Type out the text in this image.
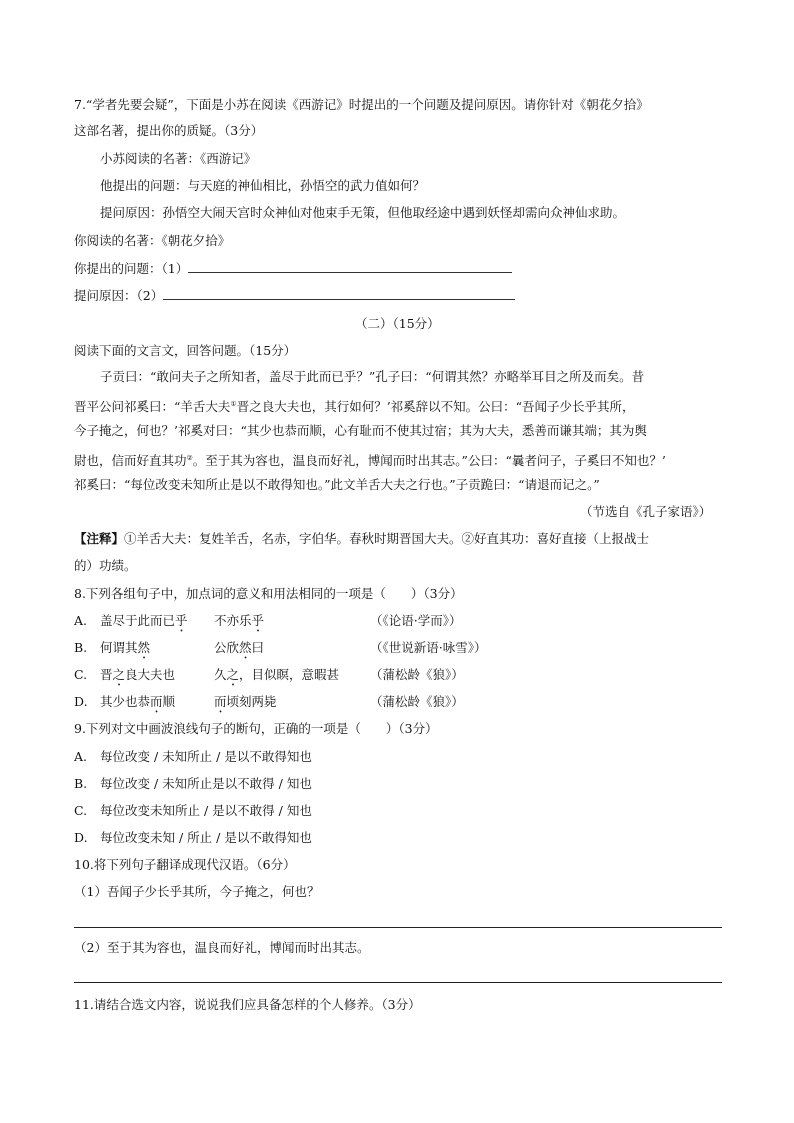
7.“学者先要会疑”，下面是小苏在阅读《西游记》时提出的一个问题及提问原因。请你针对《朝花夕拾》
这部名著，提出你的质疑。（3分）
小苏阅读的名著：《西游记》
他提出的问题：与天庭的神仙相比，孙悟空的武力值如何？
提问原因：孙悟空大闹天宫时众神仙对他束手无策，但他取经途中遇到妖怪却需向众神仙求助。
你阅读的名著：《朝花夕拾》
你提出的问题：（1）
提问原因：（2）
（二）（15分）
阅读下面的文言文，回答问题。（15分）
子贡曰：“敢问夫子之所知者，盖尽于此而已乎？”孔子曰：“何谓其然？亦略举耳目之所及而矣。昔
晋平公问祁奚曰：“羊舌大夫①晋之良大夫也，其行如何？’祁奚辞以不知。公曰：“吾闻子少长乎其所，
今子掩之，何也？’祁奚对曰：“其少也恭而顺，心有耻而不使其过宿；其为大夫，悉善而谦其端；其为舆
尉也，信而好直其功②。至于其为容也，温良而好礼，博闻而时出其志。”公曰：“曩者问子，子奚曰不知也？’
祁奚曰：“每位改变未知所止是以不敢得知也。”此文羊舌大夫之行也。”子贡跪曰：“请退而记之。”
（节选自《孔子家语》）
【注释】①羊舌大夫：复姓羊舌，名赤，字伯华。春秋时期晋国大夫。②好直其功：喜好直接（上报战士
的）功绩。
8.下列各组句子中，加点词的意义和用法相同的一项是（　　）（3分）
A. 盖尽于此而已乎 不亦乐乎	（《论语·学而》）
B. 何谓其然	公欣然曰	（《世说新语·咏雪》）
C. 晋之良大夫也	久之，目似瞑，意暇甚 （蒲松龄《狼》）
D. 其少也恭而顺	而顷刻两毙	（蒲松龄《狼》）
9.下列对文中画波浪线句子的断句，正确的一项是（　　）（3分）
A. 每位改变 / 未知所止 / 是以不敢得知也
B. 每位改变 / 未知所止是以不敢得 / 知也
C. 每位改变未知所止 / 是以不敢得 / 知也
D. 每位改变未知 / 所止 / 是以不敢得知也
10.将下列句子翻译成现代汉语。（6分）
（1）吾闻子少长乎其所，今子掩之，何也？
（2）至于其为容也，温良而好礼，博闻而时出其志。
11.请结合选文内容，说说我们应具备怎样的个人修养。（3分）
